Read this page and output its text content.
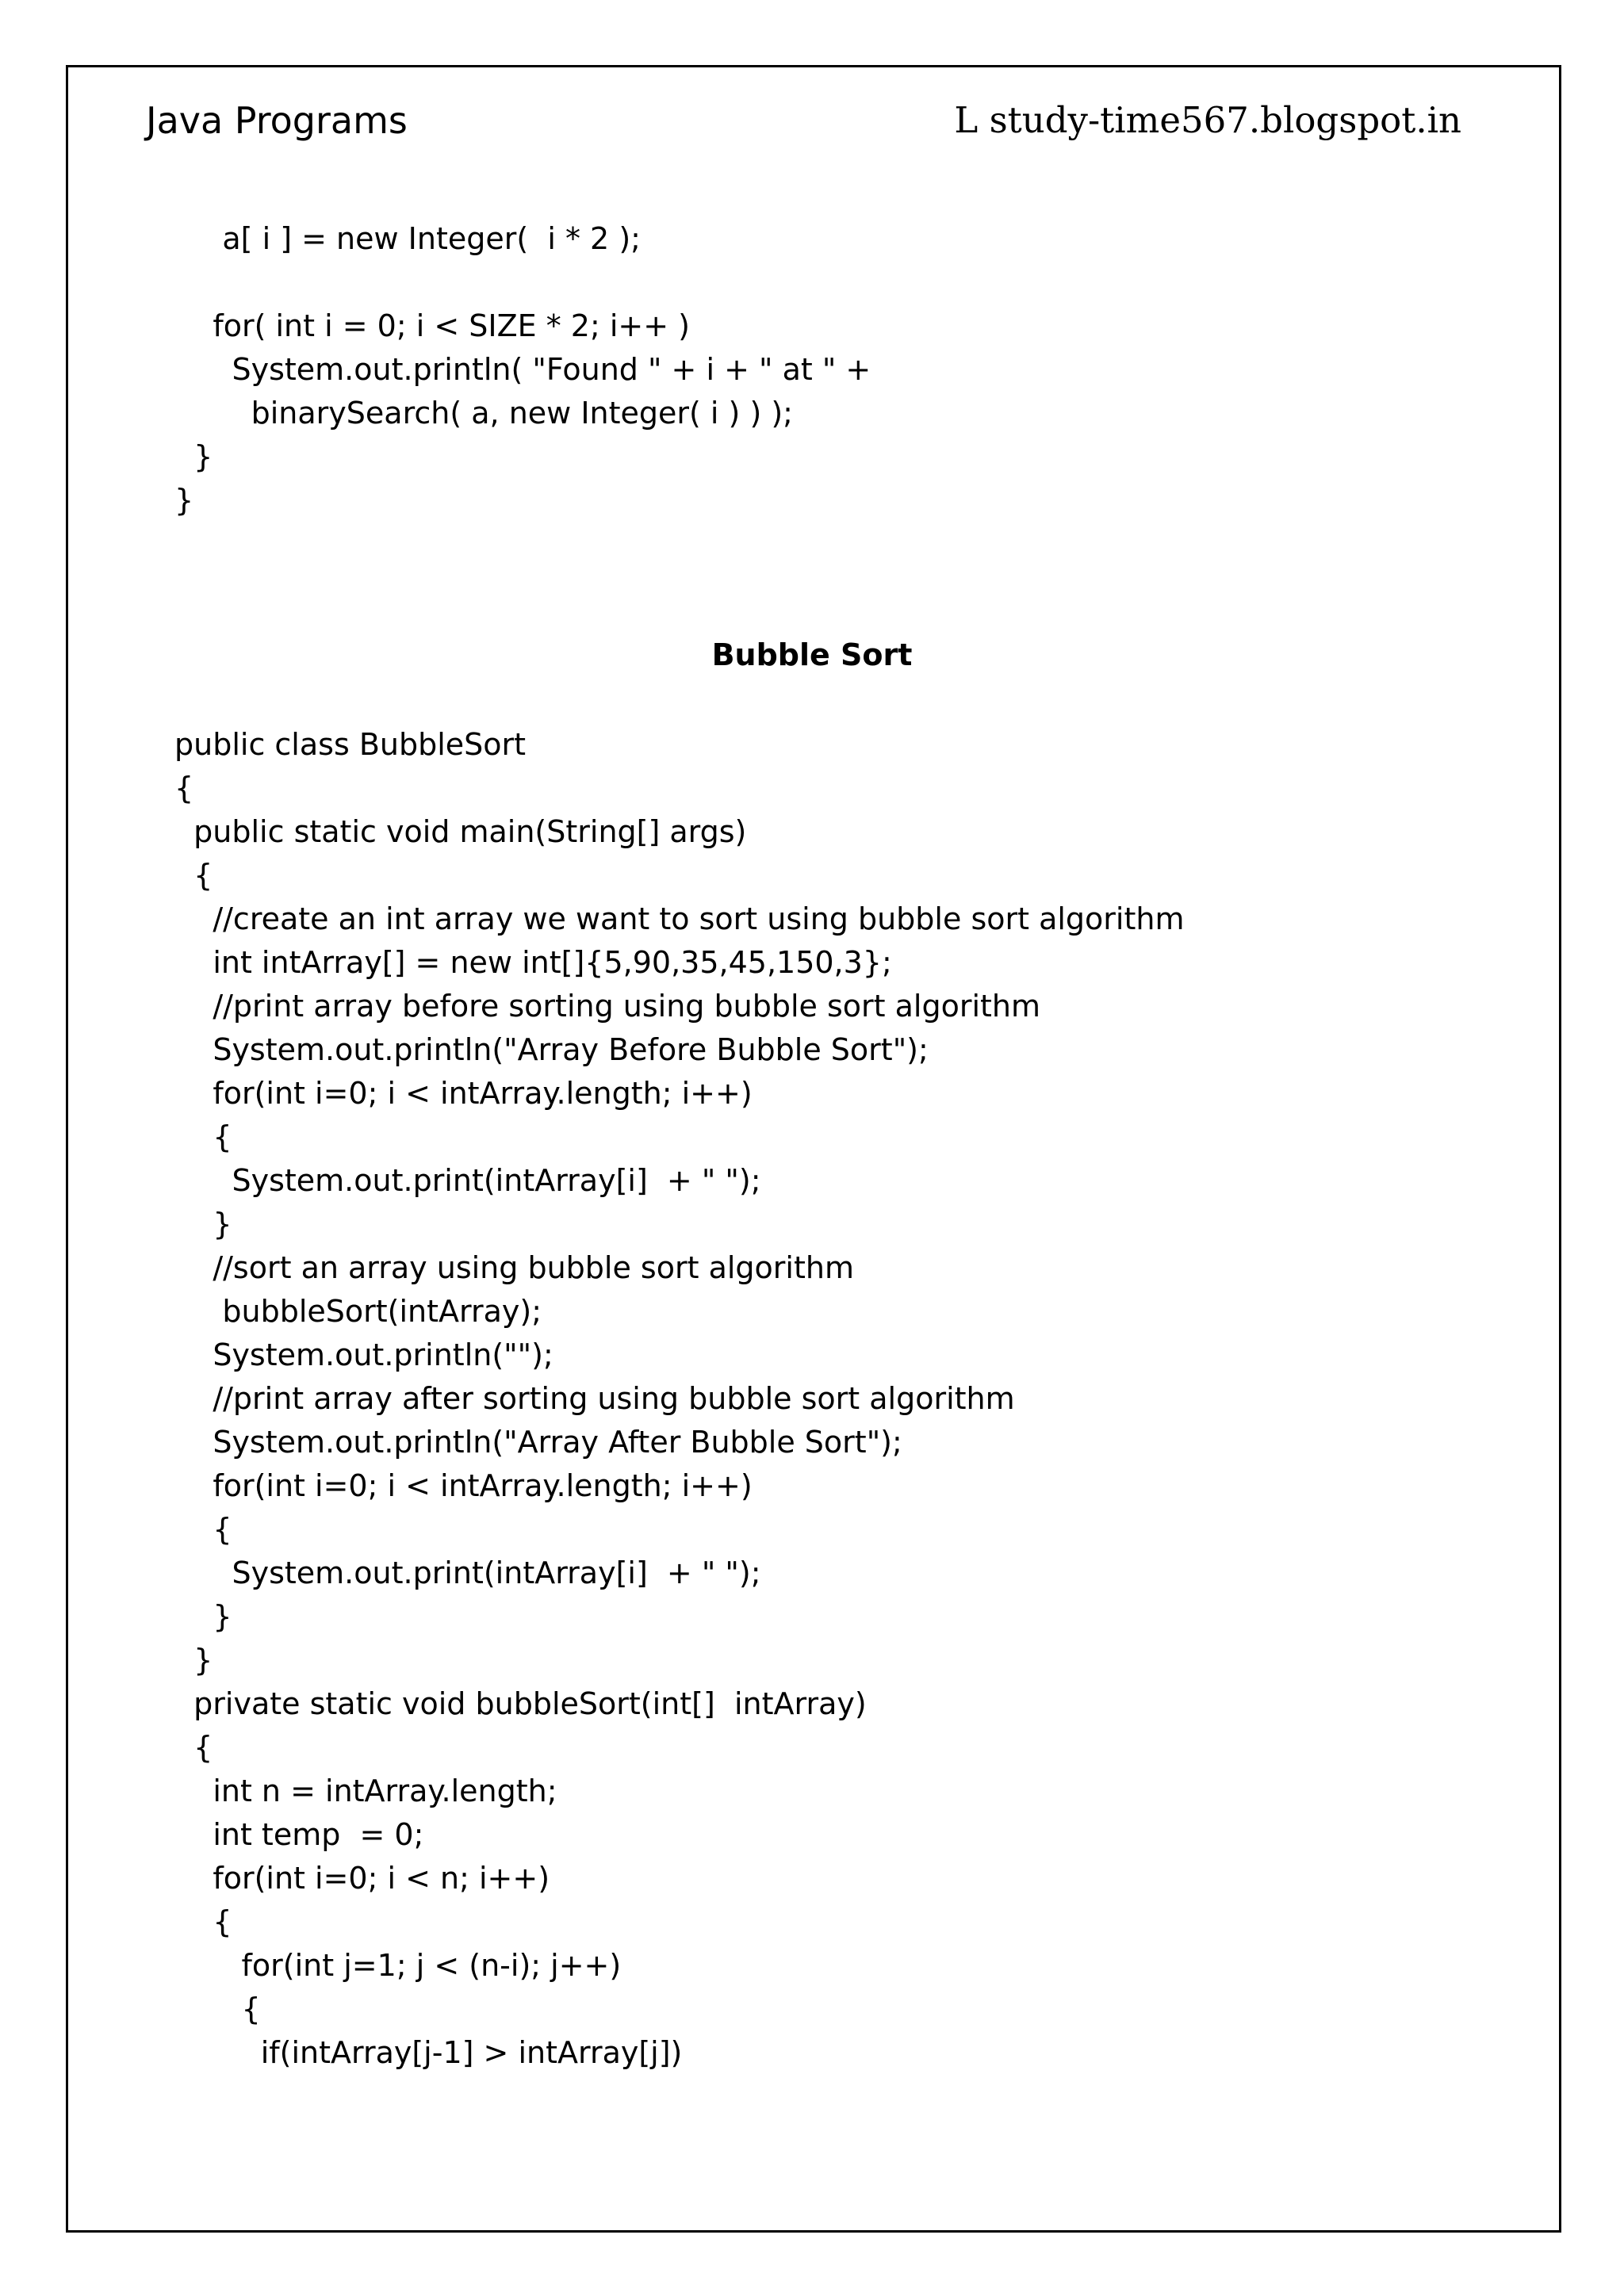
Java Programs	L study-time567.blogspot.in
a[ i ] = new Integer(  i * 2 );
for( int i = 0; i < SIZE * 2; i++ )
System.out.println( "Found " + i + " at " +
binarySearch( a, new Integer( i ) ) );
}
}
Bubble Sort
public class BubbleSort
{
public static void main(String[] args)
{
//create an int array we want to sort using bubble sort algorithm
int intArray[] = new int[]{5,90,35,45,150,3};
//print array before sorting using bubble sort algorithm
System.out.println("Array Before Bubble Sort");
for(int i=0; i < intArray.length; i++)
{
System.out.print(intArray[i]  + " ");
}
//sort an array using bubble sort algorithm
bubbleSort(intArray);
System.out.println("");
//print array after sorting using bubble sort algorithm
System.out.println("Array After Bubble Sort");
for(int i=0; i < intArray.length; i++)
{
System.out.print(intArray[i]  + " ");
}
}
private static void bubbleSort(int[]  intArray)
{
int n = intArray.length;
int temp  = 0;
for(int i=0; i < n; i++)
{
for(int j=1; j < (n-i); j++)
{
if(intArray[j-1] > intArray[j])
